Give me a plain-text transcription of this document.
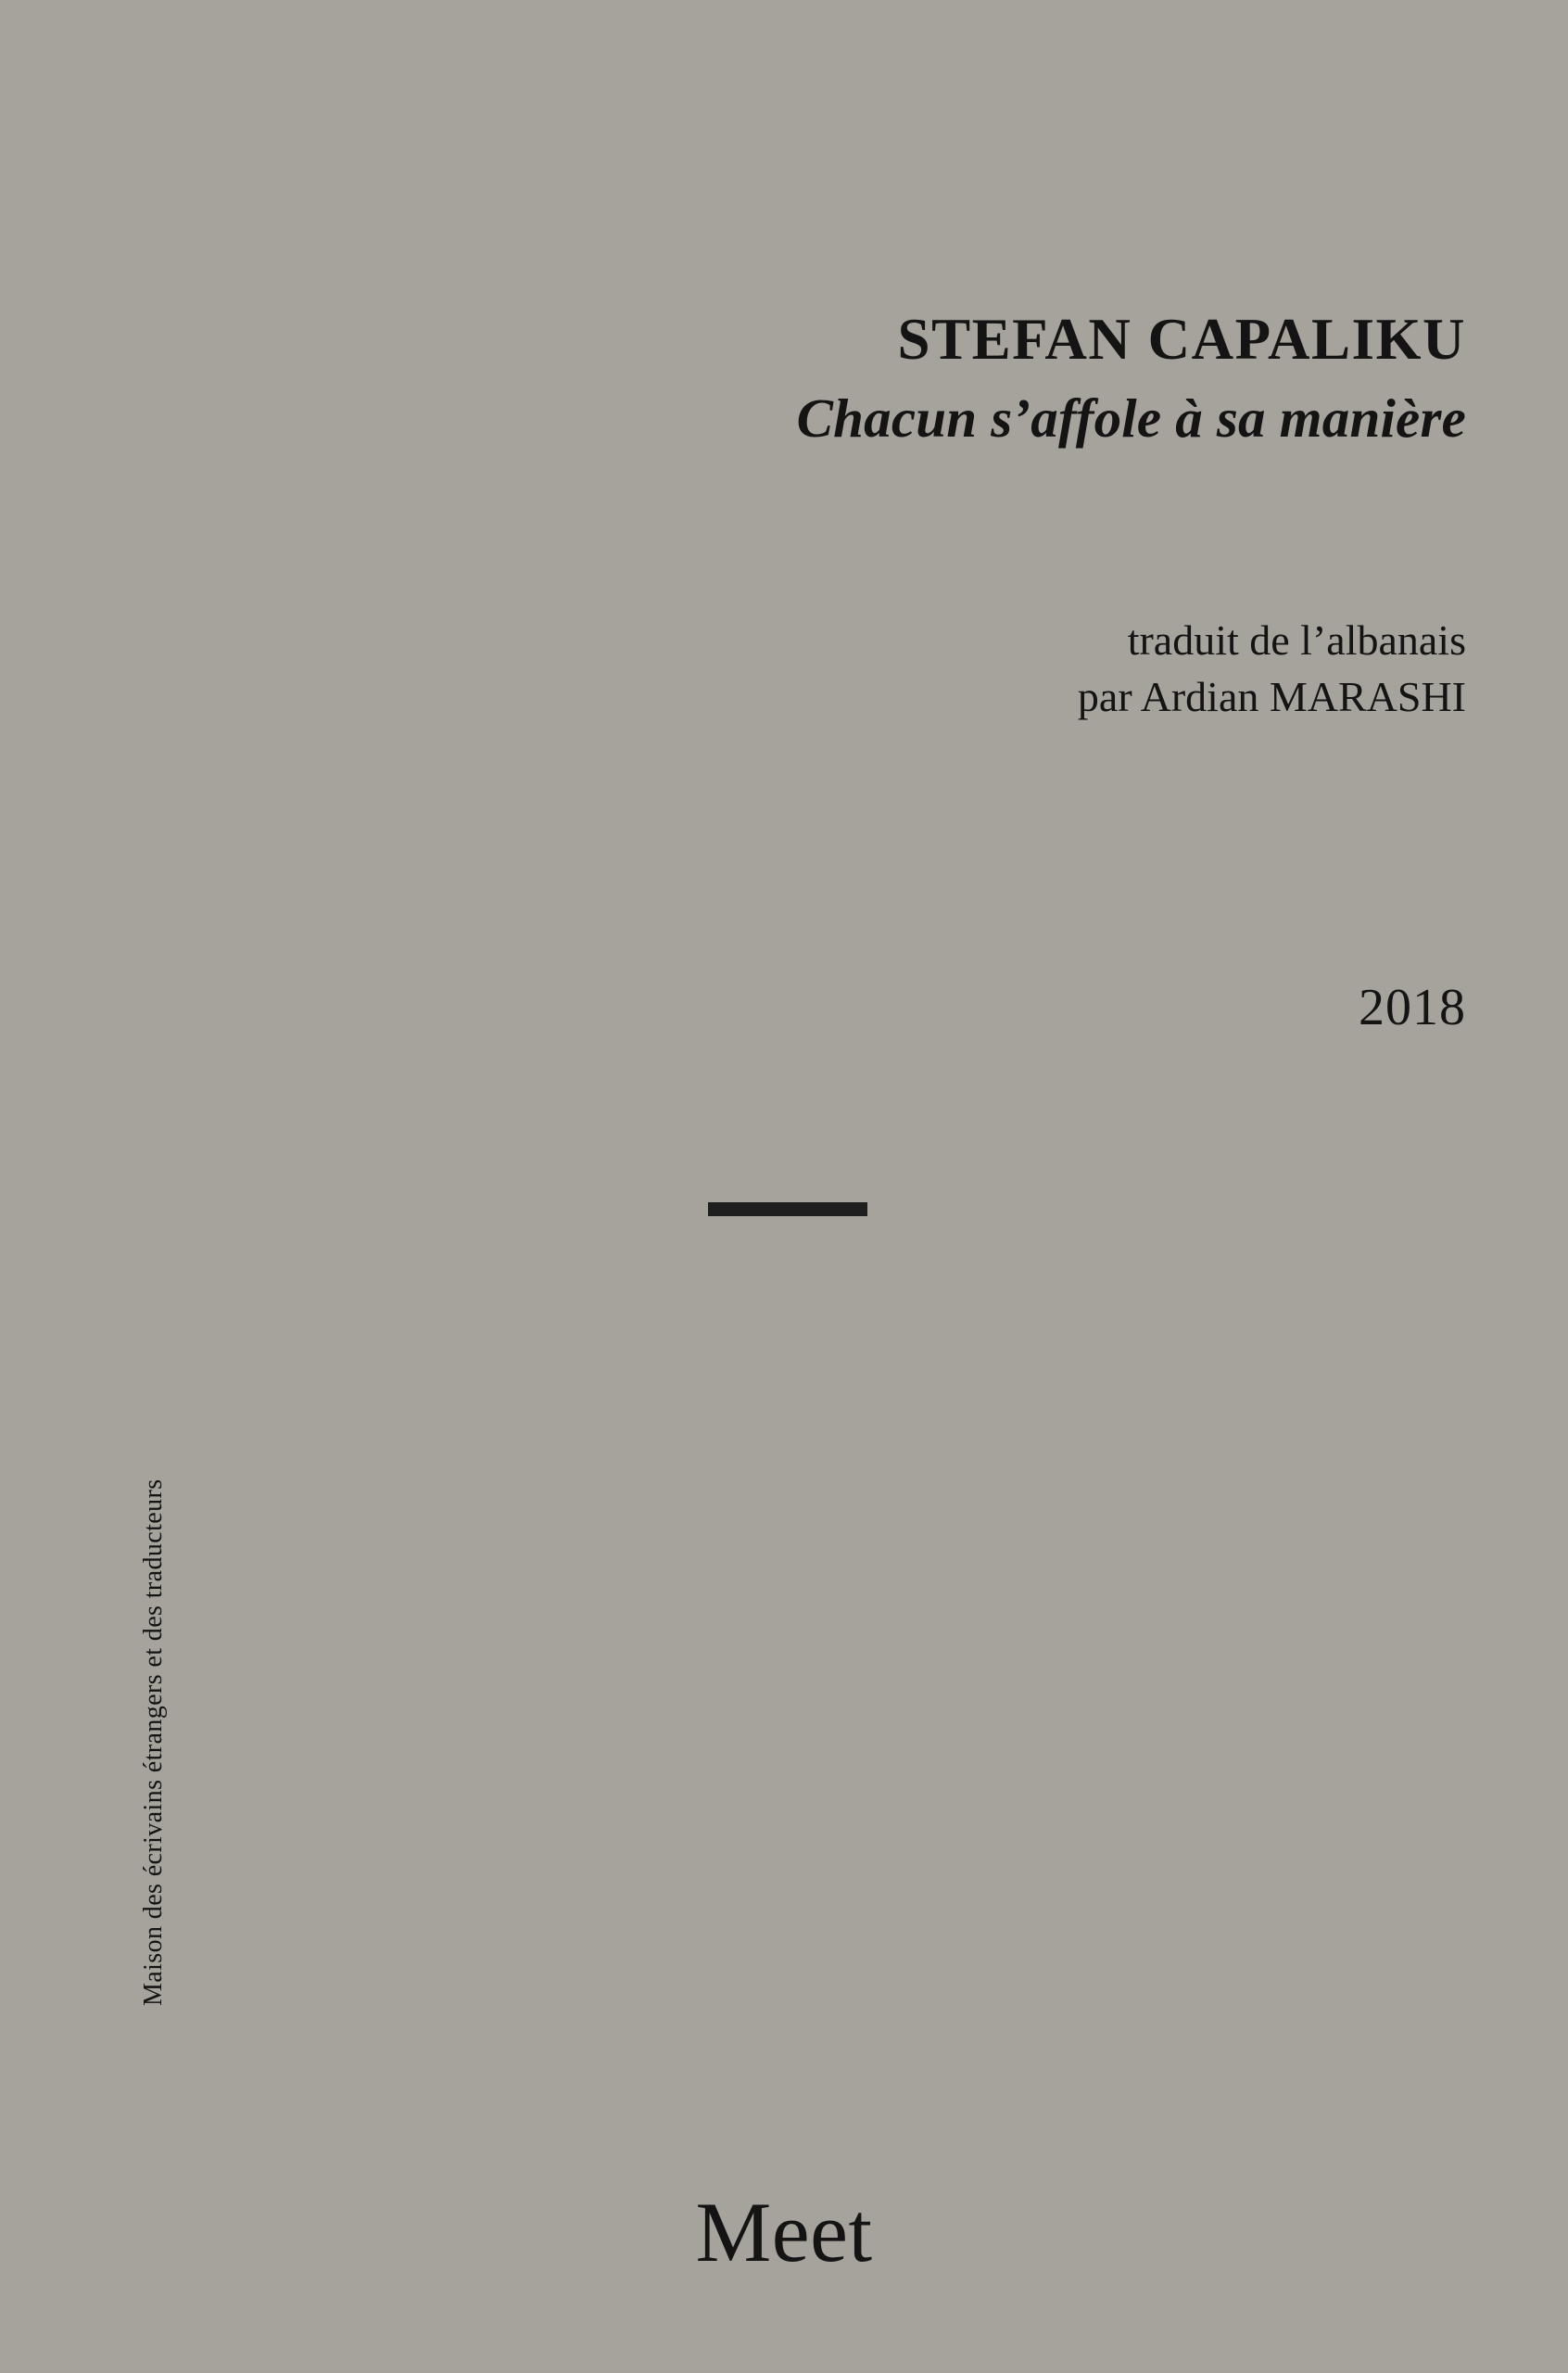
STEFAN CAPALIKU
Chacun s’affole à sa manière
traduit de l’albanais
par Ardian MARASHI
2018
Maison des écrivains étrangers et des traducteurs
Meet
